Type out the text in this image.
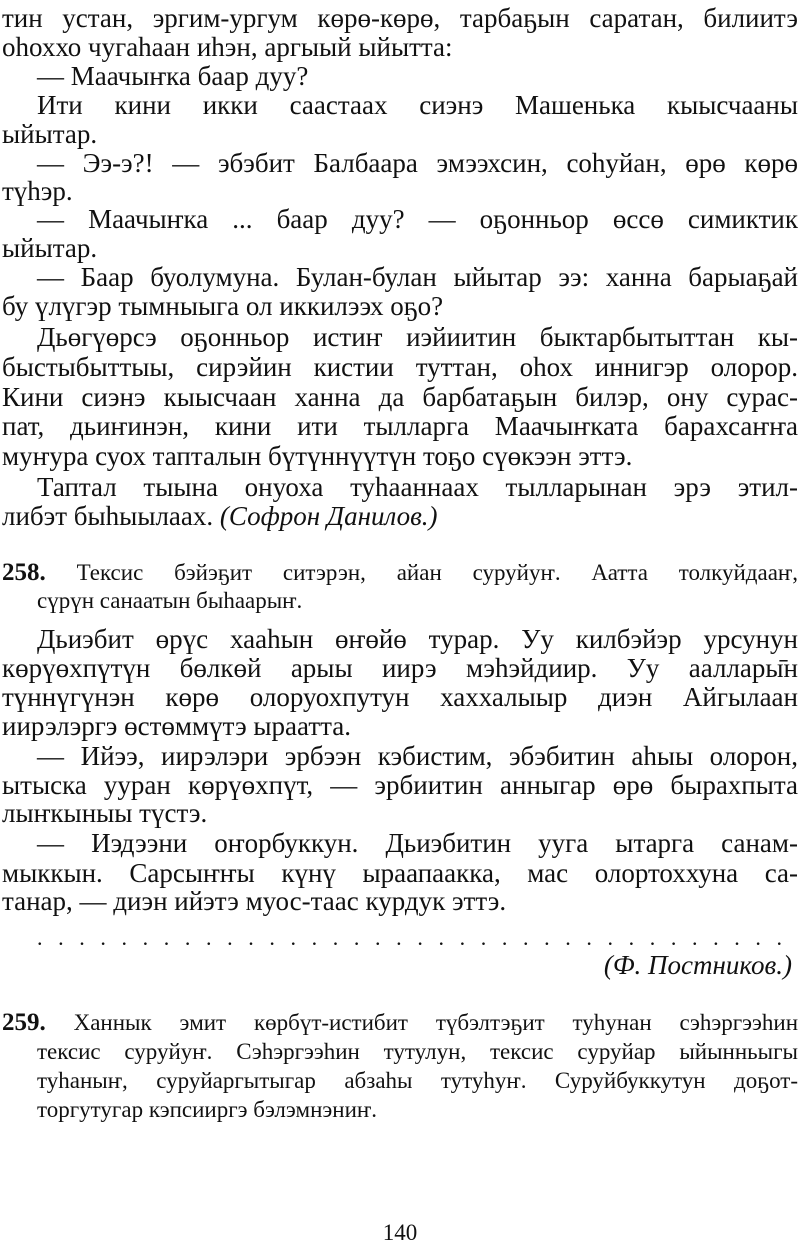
тин устан, эргим-ургум көрө-көрө, тарбаҕын саратан, билиитэ
оһоххо чугаһаан иһэн, аргыый ыйытта:
— Маачыҥка баар дуу?
Ити кини икки саастаах сиэнэ Машенька кыысчааны
ыйытар.
— Ээ-э?! — эбэбит Балбаара эмээхсин, соһуйан, өрө көрө
түһэр.
— Маачыҥка ... баар дуу? — оҕонньор өссө симиктик
ыйытар.
— Баар буолумуна. Булан-булан ыйытар ээ: ханна барыаҕай
бу үлүгэр тымныыга ол иккилээх оҕо?
Дьөгүөрсэ оҕонньор истиҥ иэйиитин быктарбытыттан кы-
быстыбыттыы, сирэйин кистии туттан, оһох иннигэр олорор.
Кини сиэнэ кыысчаан ханна да барбатаҕын билэр, ону сурас-
пат, дьиҥинэн, кини ити тылларга Маачыҥката барахсаҥҥа
муҥура суох тапталын бүтүннүүтүн тоҕо сүөкээн эттэ.
Таптал тыына онуоха туһааннаах тылларынан эрэ этил-
либэт быһыылаах. (Софрон Данилов.)
258. Тексис бэйэҕит ситэрэн, айан суруйуҥ. Аатта толкуйдааҥ,
сүрүн санаатын быһаарыҥ.
Дьиэбит өрүс хааһын өҥөйө турар. Уу килбэйэр урсунун
көрүөхпүтүн бөлкөй арыы иирэ мэһэйдиир. Уу ааллары̄н
түннүгүнэн көрө олоруохпутун хаххалыыр диэн Айгылаан
иирэлэргэ өстөммүтэ ыраатта.
— Ийээ, иирэлэри эрбээн кэбистим, эбэбитин аһыы олорон,
ытыска ууран көрүөхпүт, — эрбиитин анныгар өрө быраxпыта
лыҥкыныы түстэ.
— Иэдээни оҥорбуккун. Дьиэбитин ууга ытарга санам-
мыккын. Сарсыҥҥы күнү ыраапаакка, мас олортоххуна са-
танар, — диэн ийэтэ муос-таас курдук эттэ.
. . . . . . . . . . . . . . . . . . . . . . . . . . . . . . . . . . . .
(Ф. Постников.)
259. Ханнык эмит көрбүт-истибит түбэлтэҕит туһунан сэһэргээһин
тексис суруйуҥ. Сэһэргээһин тутулун, тексис суруйар ыйынньыгы
туһаныҥ, суруйаргытыгар абзаһы тутуһуҥ. Суруйбуккутун доҕот-
торгутугар кэпсииргэ бэлэмнэниҥ.
140
